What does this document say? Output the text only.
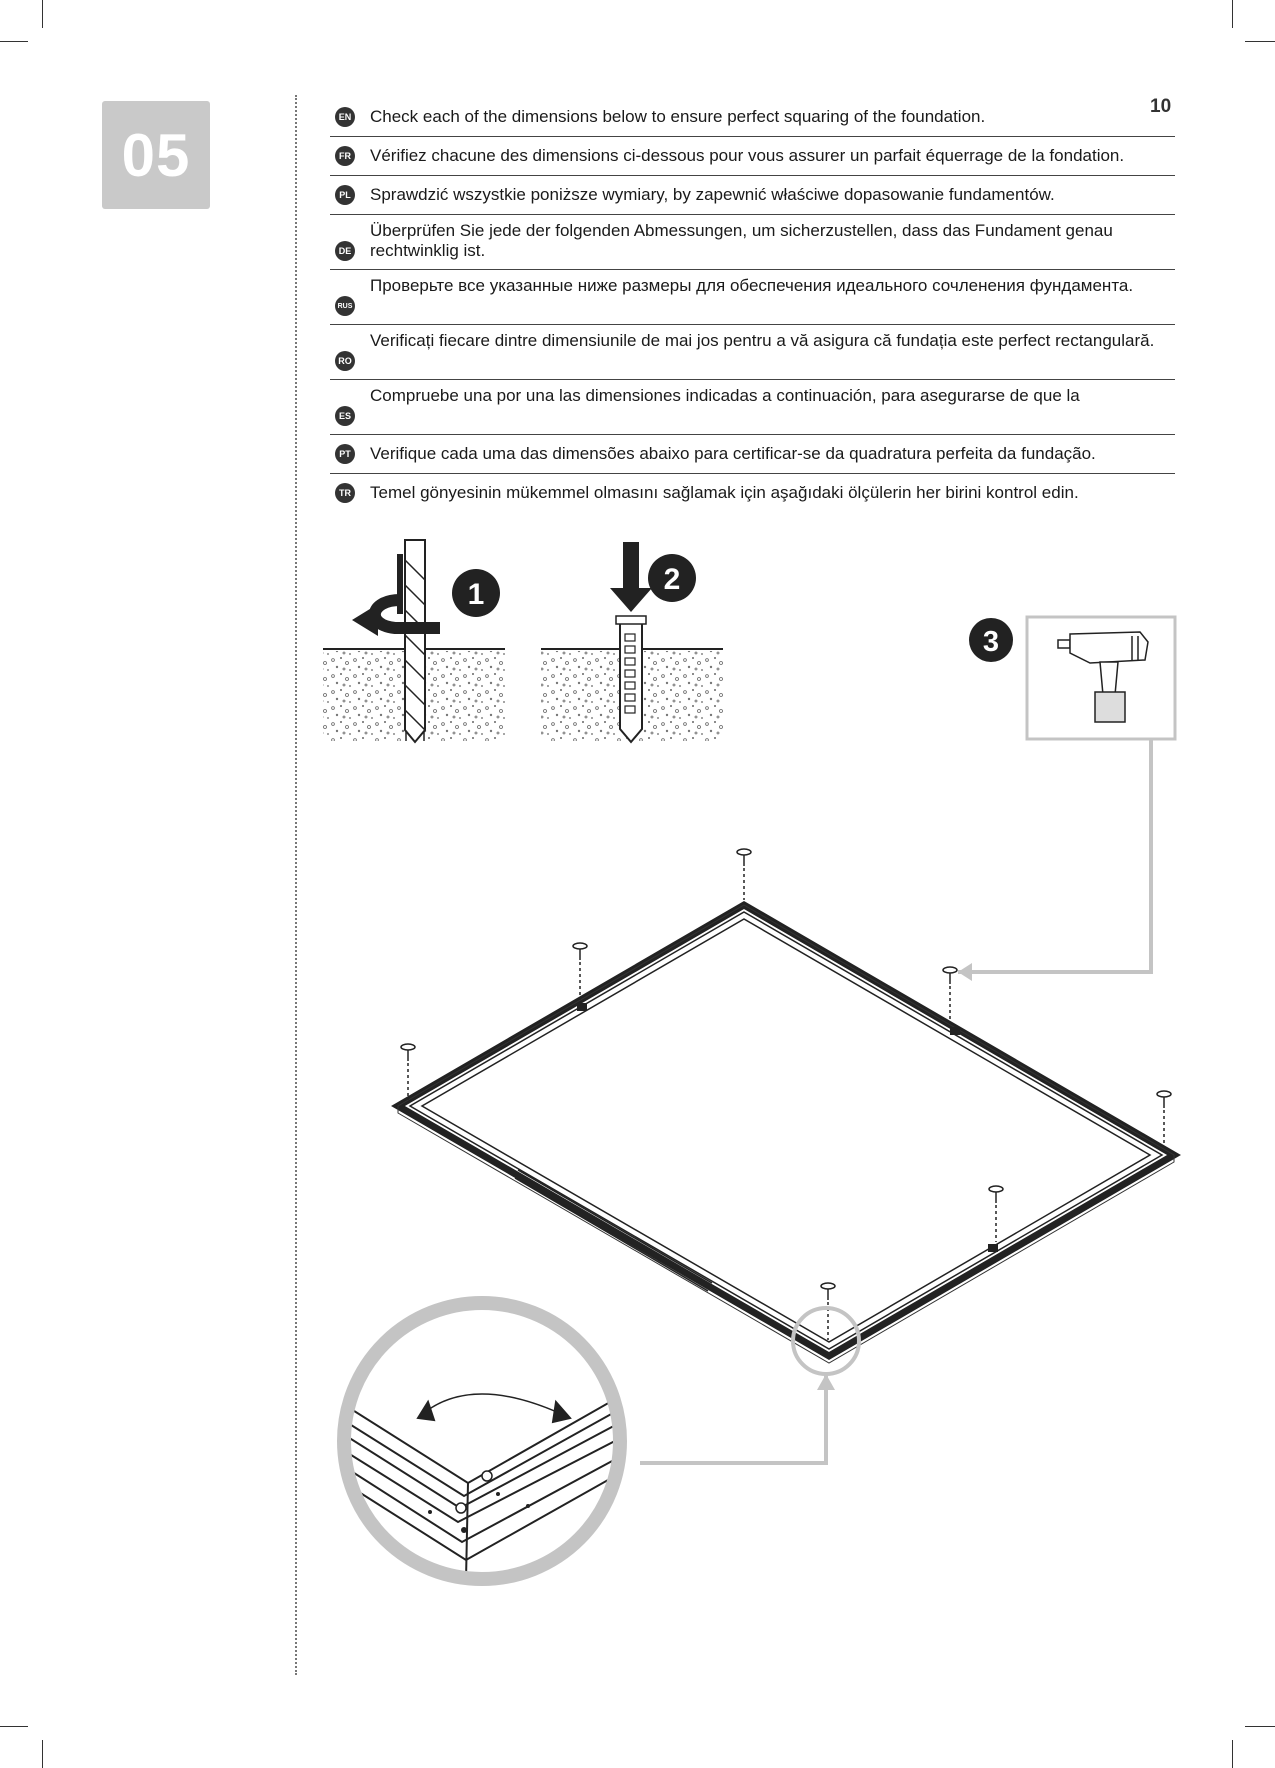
05
10
EN Check each of the dimensions below to ensure perfect squaring of the foundation.
FR Vérifiez chacune des dimensions ci-dessous pour vous assurer un parfait équerrage de la fondation.
PL Sprawdzić wszystkie poniższe wymiary, by zapewnić właściwe dopasowanie fundamentów.
DE
Überprüfen Sie jede der folgenden Abmessungen, um sicherzustellen, dass das Fundament genau rechtwinklig ist.
RUS
Проверьте все указанные ниже размеры для обеспечения идеального сочленения фундамента.
RO
Verificați fiecare dintre dimensiunile de mai jos pentru a vă asigura că fundația este perfect rectangulară.
ES
Compruebe una por una las dimensiones indicadas a continuación, para asegurarse de que la
PT Verifique cada uma das dimensões abaixo para certificar-se da quadratura perfeita da fundação.
TR Temel gönyesinin mükemmel olmasını sağlamak için aşağıdaki ölçülerin her birini kontrol edin.
1	2
3
